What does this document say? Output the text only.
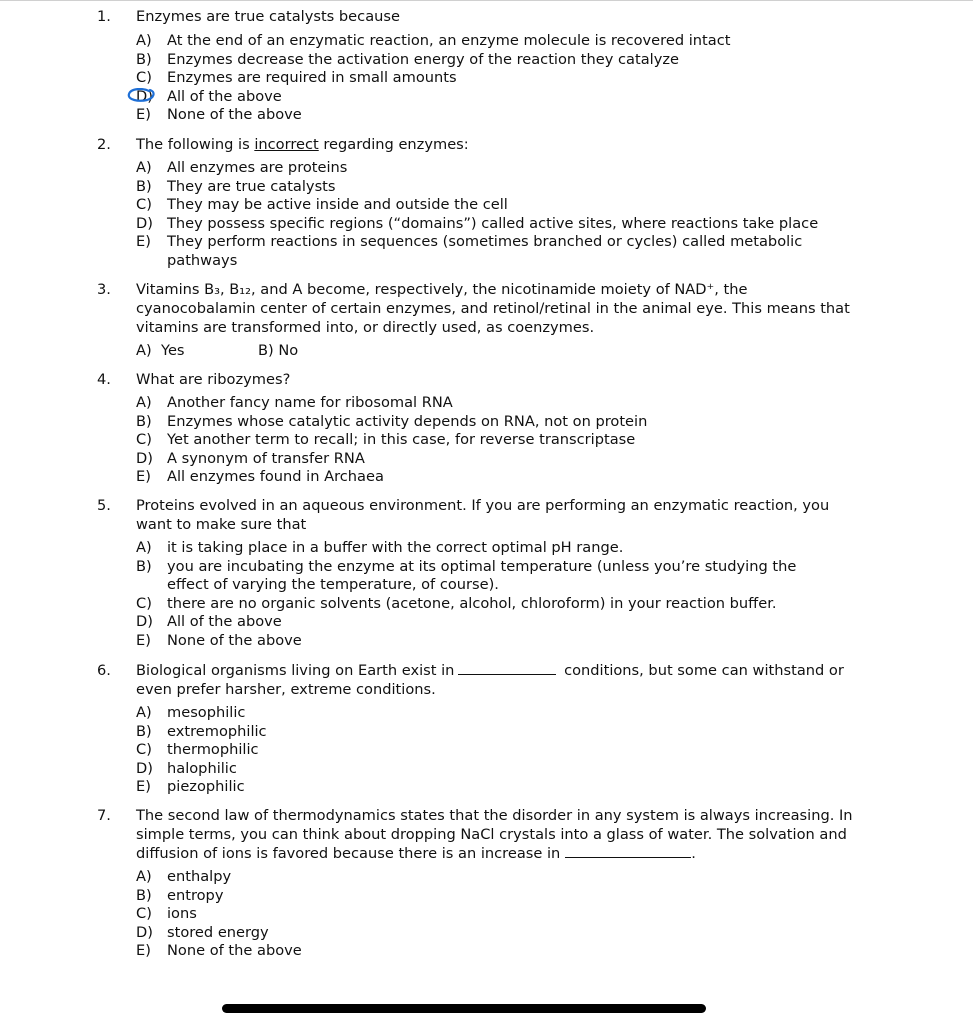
1. Enzymes are true catalysts because
A) At the end of an enzymatic reaction, an enzyme molecule is recovered intact
B) Enzymes decrease the activation energy of the reaction they catalyze
C) Enzymes are required in small amounts
D) All of the above
E) None of the above
2. The following is incorrect regarding enzymes:
A) All enzymes are proteins
B) They are true catalysts
C) They may be active inside and outside the cell
D) They possess specific regions (“domains”) called active sites, where reactions take place
E) They perform reactions in sequences (sometimes branched or cycles) called metabolic pathways
3. Vitamins B₃, B₁₂, and A become, respectively, the nicotinamide moiety of NAD⁺, the cyanocobalamin center of certain enzymes, and retinol/retinal in the animal eye. This means that vitamins are transformed into, or directly used, as coenzymes.
A) Yes	B) No
4. What are ribozymes?
A) Another fancy name for ribosomal RNA
B) Enzymes whose catalytic activity depends on RNA, not on protein
C) Yet another term to recall; in this case, for reverse transcriptase
D) A synonym of transfer RNA
E) All enzymes found in Archaea
5. Proteins evolved in an aqueous environment. If you are performing an enzymatic reaction, you want to make sure that
A) it is taking place in a buffer with the correct optimal pH range.
B) you are incubating the enzyme at its optimal temperature (unless you’re studying the effect of varying the temperature, of course).
C) there are no organic solvents (acetone, alcohol, chloroform) in your reaction buffer.
D) All of the above
E) None of the above
6. Biological organisms living on Earth exist in	conditions, but some can withstand or even prefer harsher, extreme conditions.
A) mesophilic
B) extremophilic
C) thermophilic
D) halophilic
E) piezophilic
7. The second law of thermodynamics states that the disorder in any system is always increasing. In simple terms, you can think about dropping NaCl crystals into a glass of water. The solvation and diffusion of ions is favored because there is an increase in	.
A) enthalpy
B) entropy
C) ions
D) stored energy
E) None of the above
